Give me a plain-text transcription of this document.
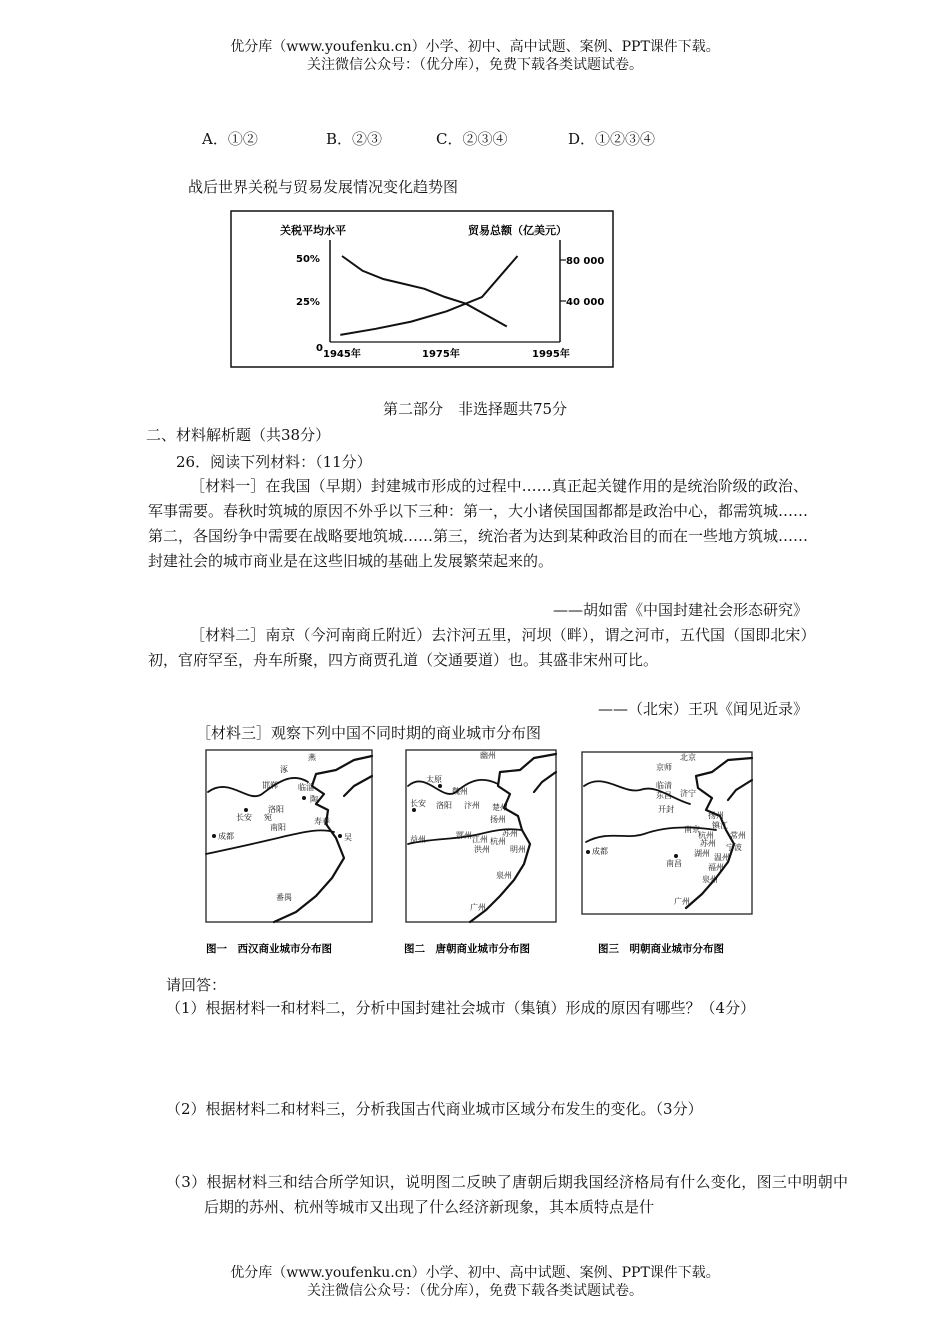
优分库（www.youfenku.cn）小学、初中、高中试题、案例、PPT课件下载。
关注微信公众号：（优分库），免费下载各类试题试卷。
A．①②	B．②③	C．②③④	D．①②③④
战后世界关税与贸易发展情况变化趋势图
关税平均水平	贸易总额（亿美元）
50%
25%
0
80 000
40 000
1945年	1975年	1995年
第二部分　非选择题共75分
二、材料解析题（共38分）
26．阅读下列材料：（11分）
［材料一］在我国（早期）封建城市形成的过程中……真正起关键作用的是统治阶级的政治、军事需要。春秋时筑城的原因不外乎以下三种：第一，大小诸侯国国都都是政治中心，都需筑城……第二，各国纷争中需要在战略要地筑城……第三，统治者为达到某种政治目的而在一些地方筑城……封建社会的城市商业是在这些旧城的基础上发展繁荣起来的。
——胡如雷《中国封建社会形态研究》
［材料二］南京（今河南商丘附近）去汴河五里，河坝（畔），谓之河市，五代国（国即北宋）初，官府罕至，舟车所聚，四方商贾孔道（交通要道）也。其盛非宋州可比。
——（北宋）王巩《闻见近录》
［材料三］观察下列中国不同时期的商业城市分布图
燕
涿
邯郸	临淄
陶
洛阳
长安 宛
南阳
寿春
吴
成都
番禺
幽州
太原
魏州
长安 洛阳 汴州
扬州
楚州
苏州
杭州
明州
鄂州 江州
洪州
泉州
广州
益州
北京
京师
临清
东昌 济宁
开封
南京
扬州
镇江
苏州
常州
杭州
湖州
宁波
成都
南昌	福州
温州
泉州
广州
图一　西汉商业城市分布图	图二　唐朝商业城市分布图	图三　明朝商业城市分布图
请回答：
（1）根据材料一和材料二，分析中国封建社会城市（集镇）形成的原因有哪些？（4分）
（2）根据材料二和材料三，分析我国古代商业城市区域分布发生的变化。（3分）
（3）根据材料三和结合所学知识，说明图二反映了唐朝后期我国经济格局有什么变化，图三中明朝中后期的苏州、杭州等城市又出现了什么经济新现象，其本质特点是什
优分库（www.youfenku.cn）小学、初中、高中试题、案例、PPT课件下载。
关注微信公众号：（优分库），免费下载各类试题试卷。
